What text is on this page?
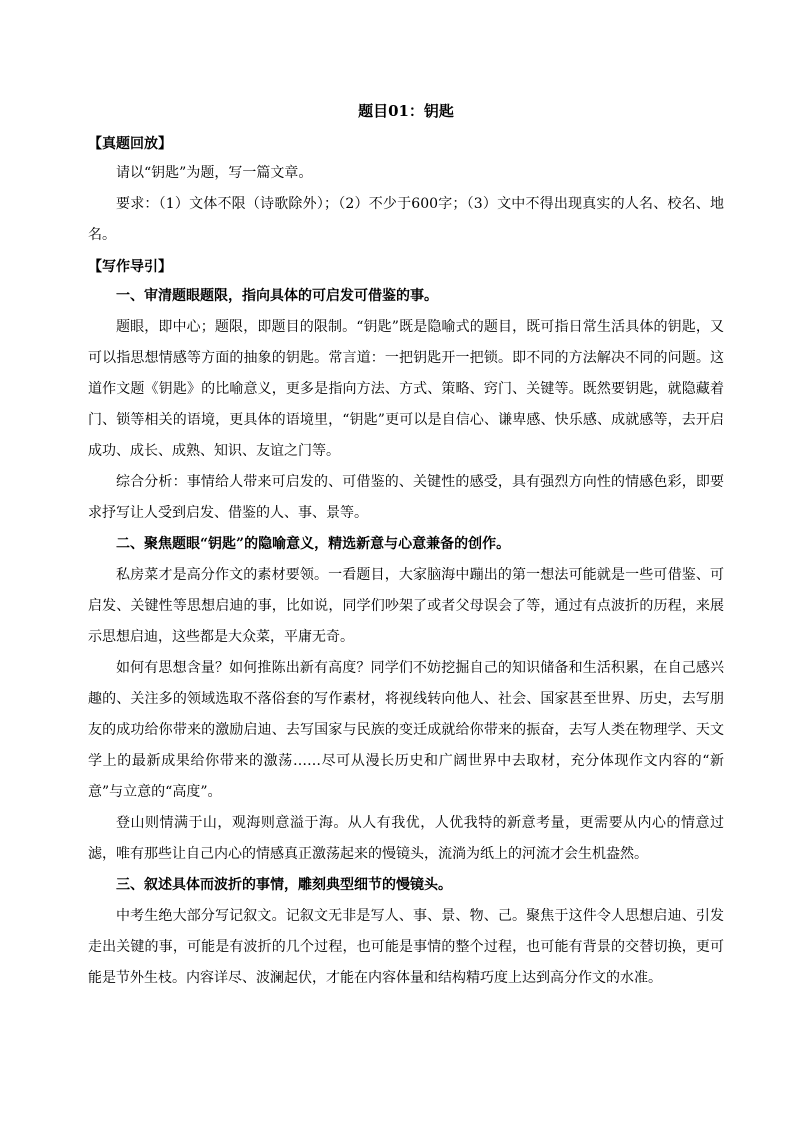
题目01：钥匙

【真题回放】

请以“钥匙”为题，写一篇文章。

要求：（1）文体不限（诗歌除外）；（2）不少于600字；（3）文中不得出现真实的人名、校名、地名。

【写作导引】

一、审清题眼题限，指向具体的可启发可借鉴的事。

题眼，即中心；题限，即题目的限制。“钥匙”既是隐喻式的题目，既可指日常生活具体的钥匙，又可以指思想情感等方面的抽象的钥匙。常言道：一把钥匙开一把锁。即不同的方法解决不同的问题。这道作文题《钥匙》的比喻意义，更多是指向方法、方式、策略、窍门、关键等。既然要钥匙，就隐藏着门、锁等相关的语境，更具体的语境里，“钥匙”更可以是自信心、谦卑感、快乐感、成就感等，去开启成功、成长、成熟、知识、友谊之门等。

综合分析：事情给人带来可启发的、可借鉴的、关键性的感受，具有强烈方向性的情感色彩，即要求抒写让人受到启发、借鉴的人、事、景等。

二、聚焦题眼“钥匙”的隐喻意义，精选新意与心意兼备的创作。

私房菜才是高分作文的素材要领。一看题目，大家脑海中蹦出的第一想法可能就是一些可借鉴、可启发、关键性等思想启迪的事，比如说，同学们吵架了或者父母误会了等，通过有点波折的历程，来展示思想启迪，这些都是大众菜，平庸无奇。

如何有思想含量？如何推陈出新有高度？同学们不妨挖掘自己的知识储备和生活积累，在自己感兴趣的、关注多的领域选取不落俗套的写作素材，将视线转向他人、社会、国家甚至世界、历史，去写朋友的成功给你带来的激励启迪、去写国家与民族的变迁成就给你带来的振奋，去写人类在物理学、天文学上的最新成果给你带来的激荡……尽可从漫长历史和广阔世界中去取材，充分体现作文内容的“新意”与立意的“高度”。

登山则情满于山，观海则意溢于海。从人有我优，人优我特的新意考量，更需要从内心的情意过滤，唯有那些让自己内心的情感真正激荡起来的慢镜头，流淌为纸上的河流才会生机盎然。

三、叙述具体而波折的事情，雕刻典型细节的慢镜头。

中考生绝大部分写记叙文。记叙文无非是写人、事、景、物、己。聚焦于这件令人思想启迪、引发走出关键的事，可能是有波折的几个过程，也可能是事情的整个过程，也可能有背景的交替切换，更可能是节外生枝。内容详尽、波澜起伏，才能在内容体量和结构精巧度上达到高分作文的水准。
